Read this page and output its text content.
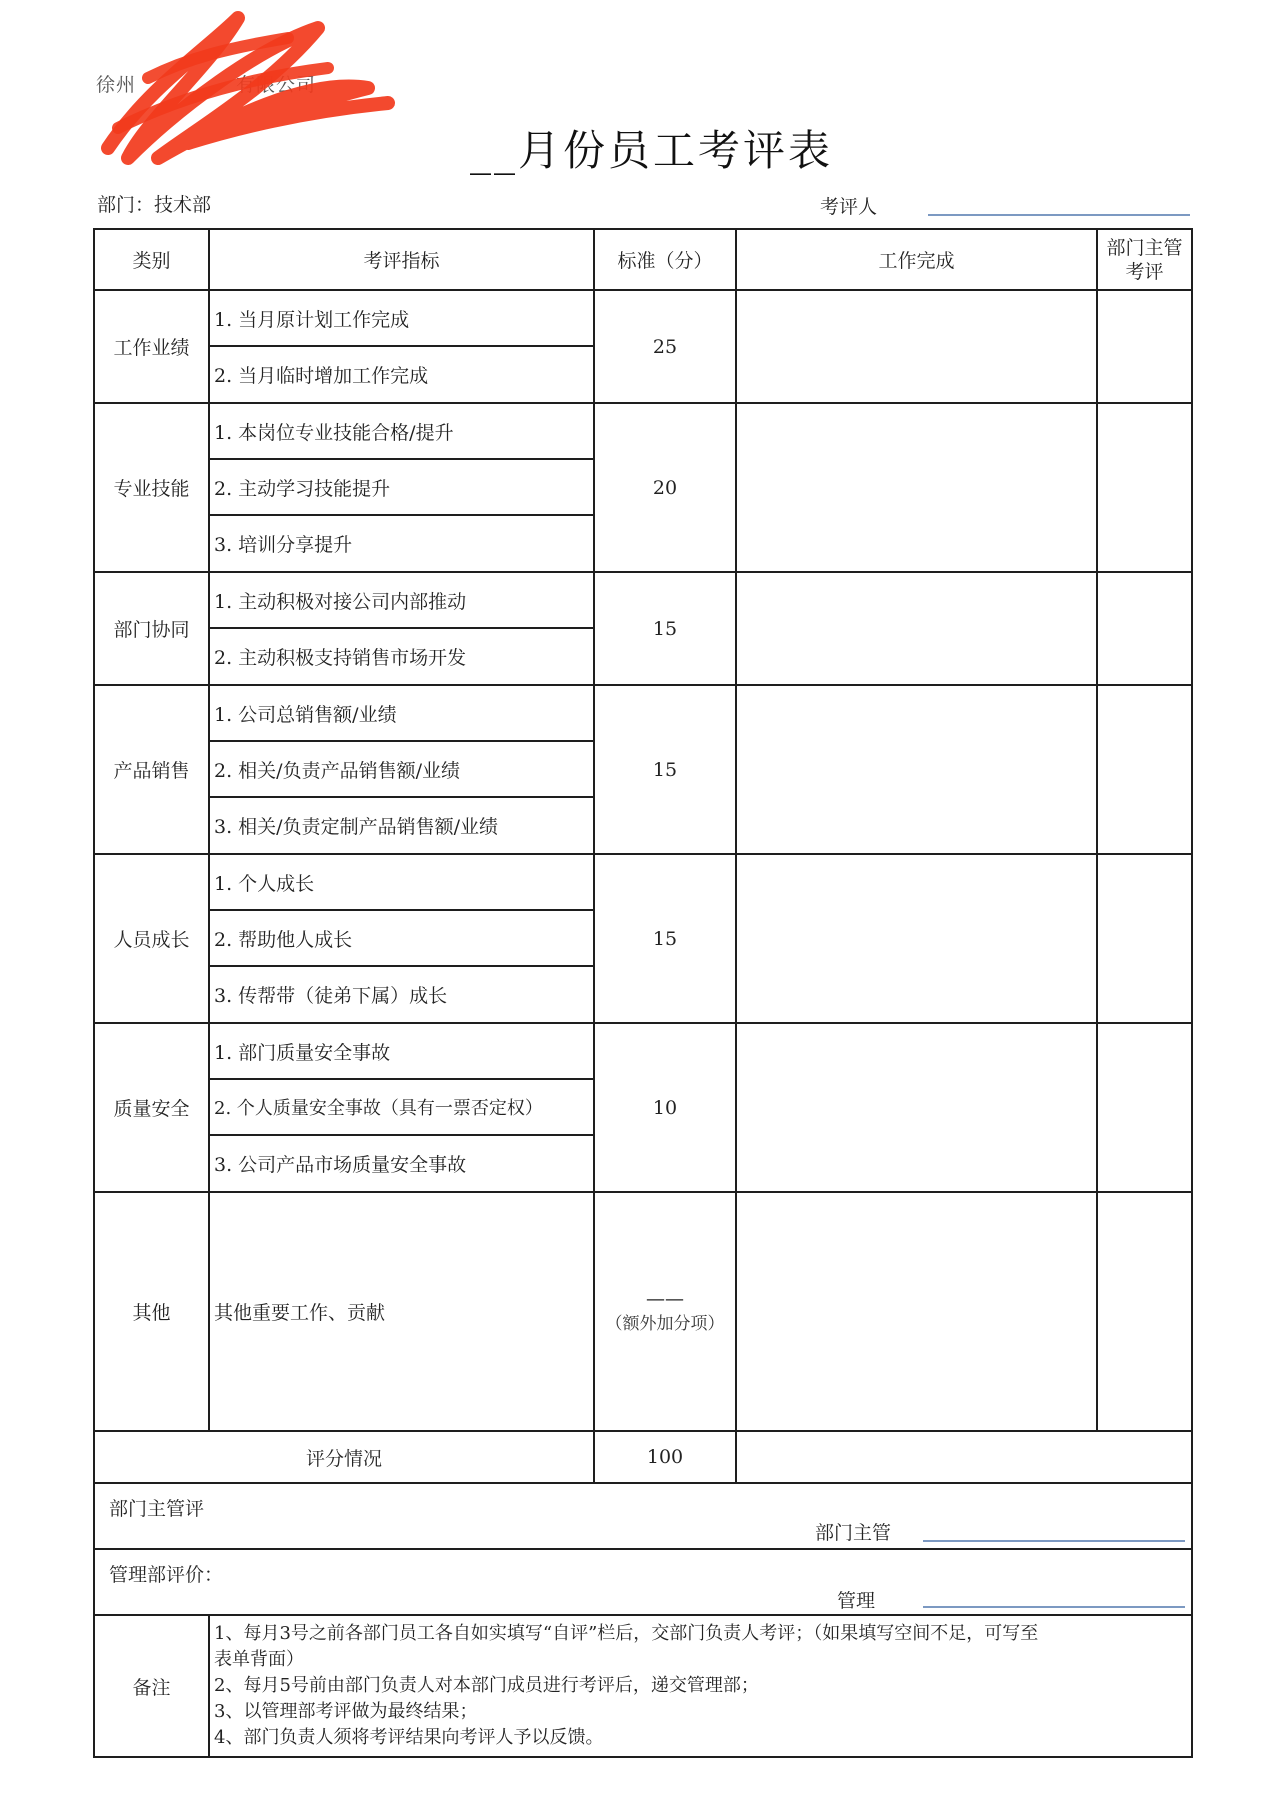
徐州	有限公司
__月份员工考评表
部门：技术部	考评人
类别	考评指标	标准（分）	工作完成	部门主管考评
工作业绩	1. 当月原计划工作完成	25		
	2. 当月临时增加工作完成			
专业技能	1. 本岗位专业技能合格/提升	20		
	2. 主动学习技能提升			
	3. 培训分享提升			
部门协同	1. 主动积极对接公司内部推动	15		
	2. 主动积极支持销售市场开发			
产品销售	1. 公司总销售额/业绩	15		
	2. 相关/负责产品销售额/业绩			
	3. 相关/负责定制产品销售额/业绩			
人员成长	1. 个人成长	15		
	2. 帮助他人成长			
	3. 传帮带（徒弟下属）成长			
质量安全	1. 部门质量安全事故	10		
	2. 个人质量安全事故（具有一票否定权）			
	3. 公司产品市场质量安全事故			
其他	其他重要工作、贡献	——
（额外加分项）		
评分情况		100		

部门主管评
部门主管				

管理部评价：
管理				

备注	1、每月3号之前各部门员工各自如实填写“自评”栏后，交部门负责人考评；（如果填写空间不足，可写至
表单背面）
2、每月5号前由部门负责人对本部门成员进行考评后，递交管理部；
3、以管理部考评做为最终结果；
4、部门负责人须将考评结果向考评人予以反馈。			
